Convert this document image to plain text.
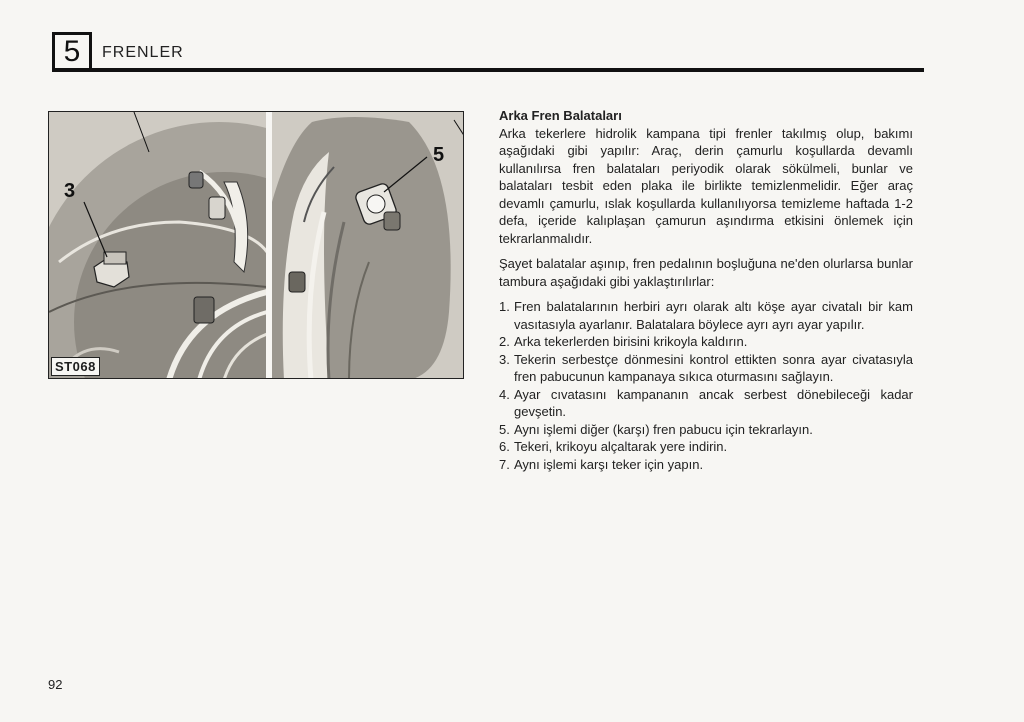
5	FRENLER
3
5
ST068

Arka Fren Balataları

Arka tekerlere hidrolik kampana tipi frenler takılmış olup, bakımı aşağıdaki gibi yapılır: Araç, derin çamurlu koşullarda devamlı kullanılırsa fren balataları periyodik olarak sökülmeli, bunlar ve balataları tesbit eden plaka ile birlikte temizlenmelidir. Eğer araç devamlı çamurlu, ıslak koşullarda kullanılıyorsa temizleme haftada 1-2 defa, içeride kalıplaşan çamurun aşındırma etkisini önlemek için tekrarlanmalıdır.

Şayet balatalar aşınıp, fren pedalının boşluğuna ne'den olurlarsa bunlar tambura aşağıdaki gibi yaklaştırılırlar:

1. Fren balatalarının herbiri ayrı olarak altı köşe ayar civatalı bir kam vasıtasıyla ayarlanır. Balatalara böylece ayrı ayrı ayar yapılır.
2. Arka tekerlerden birisini krikoyla kaldırın.
3. Tekerin serbestçe dönmesini kontrol ettikten sonra ayar civatasıyla fren pabucunun kampanaya sıkıca oturmasını sağlayın.
4. Ayar cıvatasını kampananın ancak serbest dönebileceği kadar gevşetin.
5. Aynı işlemi diğer (karşı) fren pabucu için tekrarlayın.
6. Tekeri, krikoyu alçaltarak yere indirin.
7. Aynı işlemi karşı teker için yapın.
92
